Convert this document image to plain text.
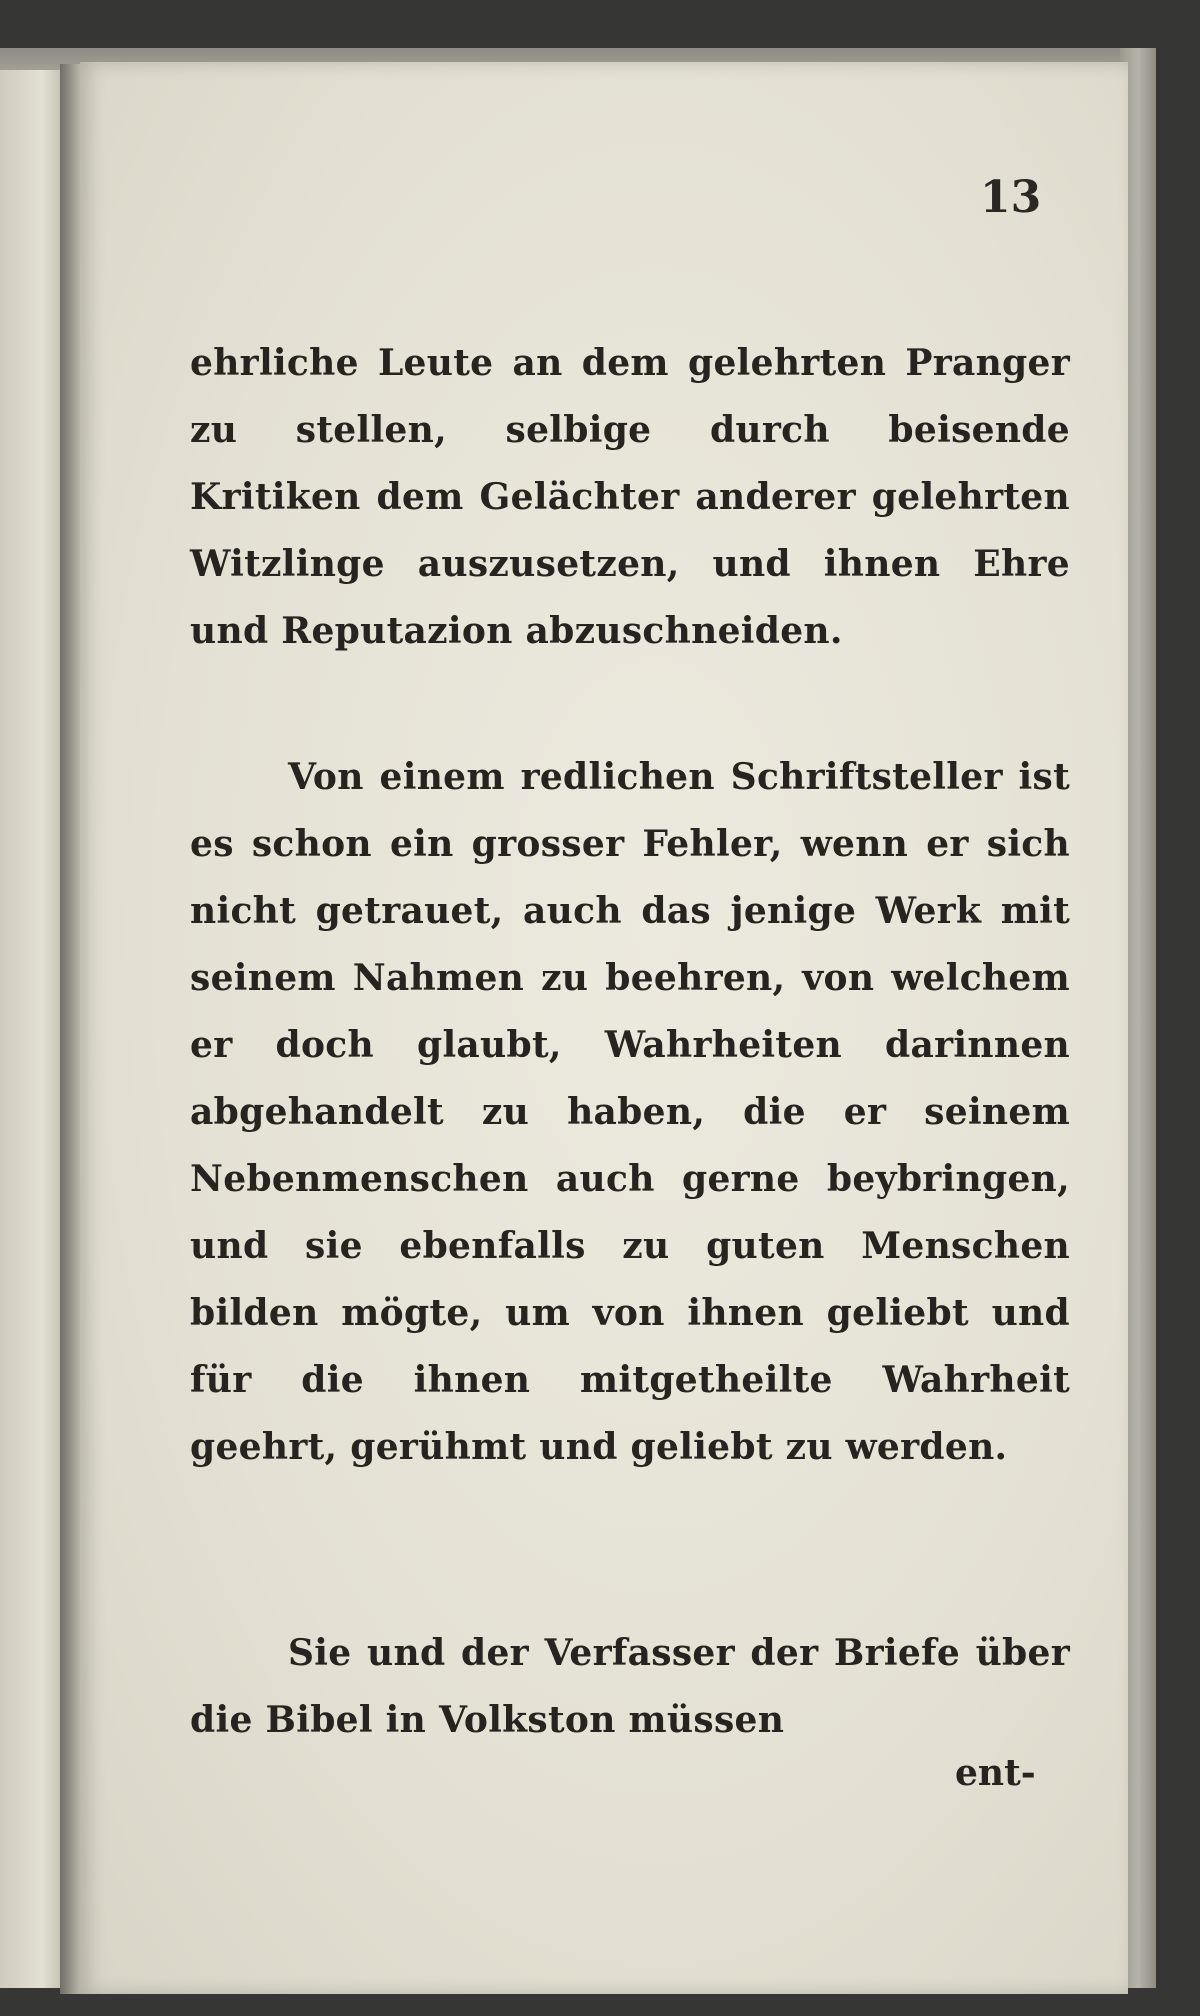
13
ehrliche Leute an dem gelehrten Pranger zu stellen, selbige durch beisende Kritiken dem Gelächter anderer gelehrten Witzlinge auszusetzen, und ihnen Ehre und Reputazion abzuschneiden.
Von einem redlichen Schriftsteller ist es schon ein grosser Fehler, wenn er sich nicht getrauet, auch das jenige Werk mit seinem Nahmen zu beehren, von welchem er doch glaubt, Wahrheiten darinnen abgehandelt zu haben, die er seinem Nebenmenschen auch gerne beybringen, und sie ebenfalls zu guten Menschen bilden mögte, um von ihnen geliebt und für die ihnen mitgetheilte Wahrheit geehrt, gerühmt und geliebt zu werden.
Sie und der Verfasser der Briefe über die Bibel in Volkston müssen
ent-
